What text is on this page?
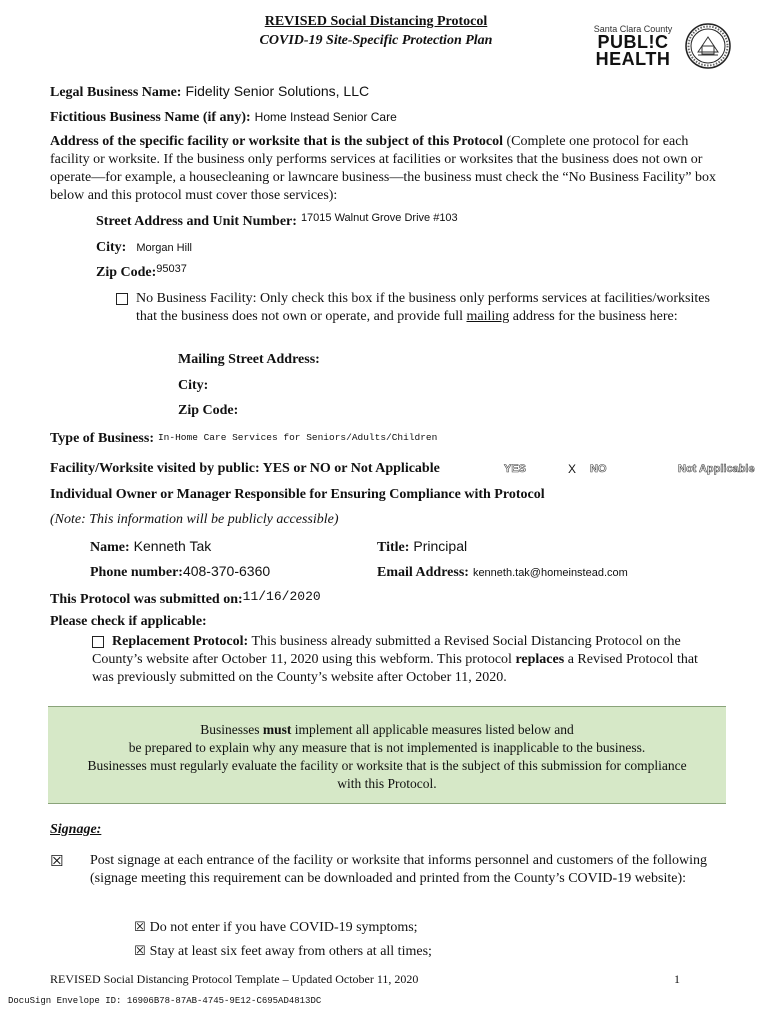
REVISED Social Distancing Protocol
COVID-19 Site-Specific Protection Plan
Santa Clara County
PUBL!C
HEALTH
Legal Business Name: Fidelity Senior Solutions, LLC
Fictitious Business Name (if any): Home Instead Senior Care
Address of the specific facility or worksite that is the subject of this Protocol (Complete one protocol for each facility or worksite. If the business only performs services at facilities or worksites that the business does not own or operate—for example, a housecleaning or lawncare business—the business must check the “No Business Facility” box below and this protocol must cover those services):
Street Address and Unit Number: $^{17015 Walnut Grove Drive \#103}$
City: Morgan Hill
Zip Code:$^{95037}$
No Business Facility: Only check this box if the business only performs services at facilities/worksites that the business does not own or operate, and provide full mailing address for the business here:
Mailing Street Address:
City:
Zip Code:
Type of Business: In-Home Care Services for Seniors/Adults/Children
Facility/Worksite visited by public: YES or NO or Not Applicable	YES	X NO	Not Applicable
Individual Owner or Manager Responsible for Ensuring Compliance with Protocol
(Note: This information will be publicly accessible)
Name: Kenneth Tak	Title: Principal
Phone number:408-370-6360	Email Address: kenneth.tak@homeinstead.com
This Protocol was submitted on:11/16/2020
Please check if applicable:
Replacement Protocol: This business already submitted a Revised Social Distancing Protocol on the County’s website after October 11, 2020 using this webform. This protocol replaces a Revised Protocol that was previously submitted on the County’s website after October 11, 2020.
Businesses must implement all applicable measures listed below and
be prepared to explain why any measure that is not implemented is inapplicable to the business.
Businesses must regularly evaluate the facility or worksite that is the subject of this submission for compliance
with this Protocol.
Signage:
☒ Post signage at each entrance of the facility or worksite that informs personnel and customers of the following (signage meeting this requirement can be downloaded and printed from the County’s COVID-19 website):
☒ Do not enter if you have COVID-19 symptoms;
☒ Stay at least six feet away from others at all times;
REVISED Social Distancing Protocol Template – Updated October 11, 2020	1
DocuSign Envelope ID: 16906B78-87AB-4745-9E12-C695AD4813DC
